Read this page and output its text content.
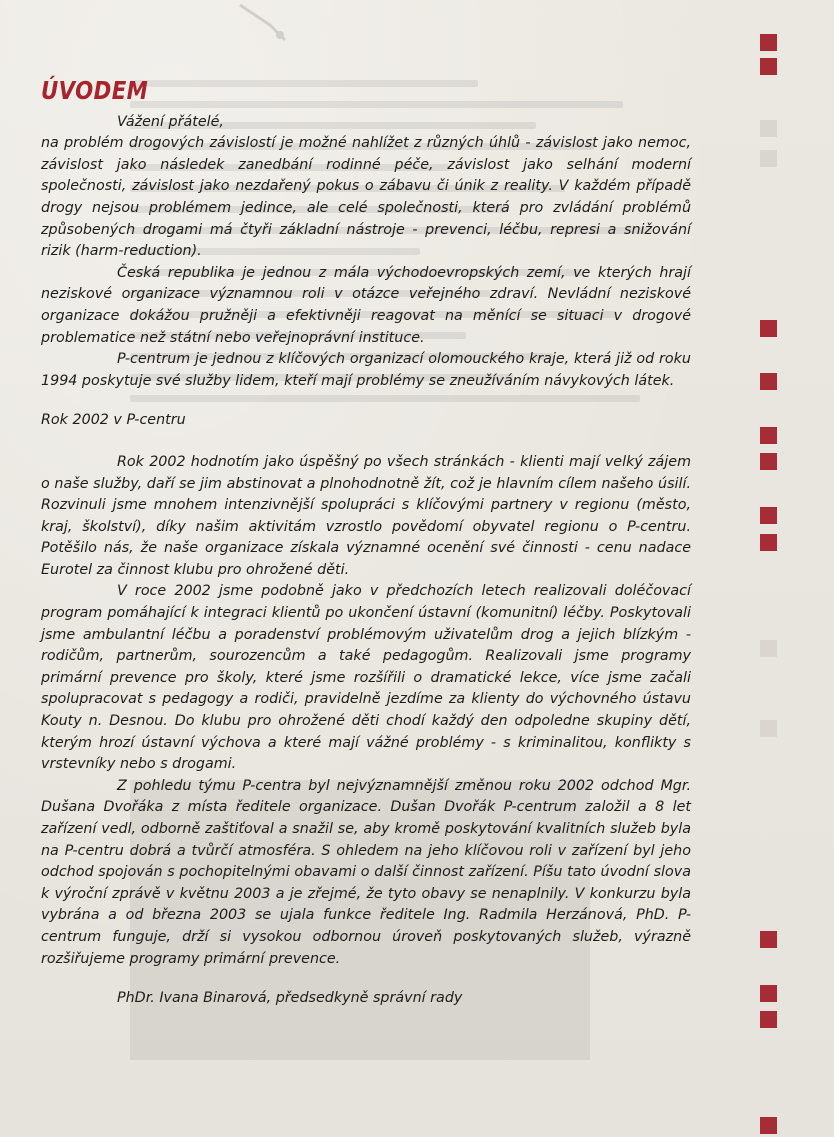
ÚVODEM
Vážení přátelé,

na problém drogových závislostí je možné nahlížet z různých úhlů - závislost jako nemoc, závislost jako následek zanedbání rodinné péče, závislost jako selhání moderní společnosti, závislost jako nezdařený pokus o zábavu či únik z reality. V každém případě drogy nejsou problémem jedince, ale celé společnosti, která pro zvládání problémů způsobených drogami má čtyři základní nástroje - prevenci, léčbu, represi a snižování rizik (harm-reduction).

Česká republika je jednou z mála východoevropských zemí, ve kterých hrají neziskové organizace významnou roli v otázce veřejného zdraví. Nevládní neziskové organizace dokážou pružněji a efektivněji reagovat na měnící se situaci v drogové problematice než státní nebo veřejnoprávní instituce.

P-centrum je jednou z klíčových organizací olomouckého kraje, která již od roku 1994 poskytuje své služby lidem, kteří mají problémy se zneužíváním návykových látek.

Rok 2002 v P-centru

Rok 2002 hodnotím jako úspěšný po všech stránkách - klienti mají velký zájem o naše služby, daří se jim abstinovat a plnohodnotně žít, což je hlavním cílem našeho úsilí. Rozvinuli jsme mnohem intenzivnější spolupráci s klíčovými partnery v regionu (město, kraj, školství), díky našim aktivitám vzrostlo povědomí obyvatel regionu o P-centru. Potěšilo nás, že naše organizace získala významné ocenění své činnosti - cenu nadace Eurotel za činnost klubu pro ohrožené děti.

V roce 2002 jsme podobně jako v předchozích letech realizovali doléčovací program pomáhající k integraci klientů po ukončení ústavní (komunitní) léčby. Poskytovali jsme ambulantní léčbu a poradenství problémovým uživatelům drog a jejich blízkým - rodičům, partnerům, sourozencům a také pedagogům. Realizovali jsme programy primární prevence pro školy, které jsme rozšířili o dramatické lekce, více jsme začali spolupracovat s pedagogy a rodiči, pravidelně jezdíme za klienty do výchovného ústavu Kouty n. Desnou. Do klubu pro ohrožené děti chodí každý den odpoledne skupiny dětí, kterým hrozí ústavní výchova a které mají vážné problémy - s kriminalitou, konflikty s vrstevníky nebo s drogami.

Z pohledu týmu P-centra byl nejvýznamnější změnou roku 2002 odchod Mgr. Dušana Dvořáka z místa ředitele organizace. Dušan Dvořák P-centrum založil a 8 let zařízení vedl, odborně zaštiťoval a snažil se, aby kromě poskytování kvalitních služeb byla na P-centru dobrá a tvůrčí atmosféra. S ohledem na jeho klíčovou roli v zařízení byl jeho odchod spojován s pochopitelnými obavami o další činnost zařízení. Píšu tato úvodní slova k výroční zprávě v květnu 2003 a je zřejmé, že tyto obavy se nenaplnily. V konkurzu byla vybrána a od března 2003 se ujala funkce ředitele Ing. Radmila Herzánová, PhD. P-centrum funguje, drží si vysokou odbornou úroveň poskytovaných služeb, výrazně rozšiřujeme programy primární prevence.

PhDr. Ivana Binarová, předsedkyně správní rady
